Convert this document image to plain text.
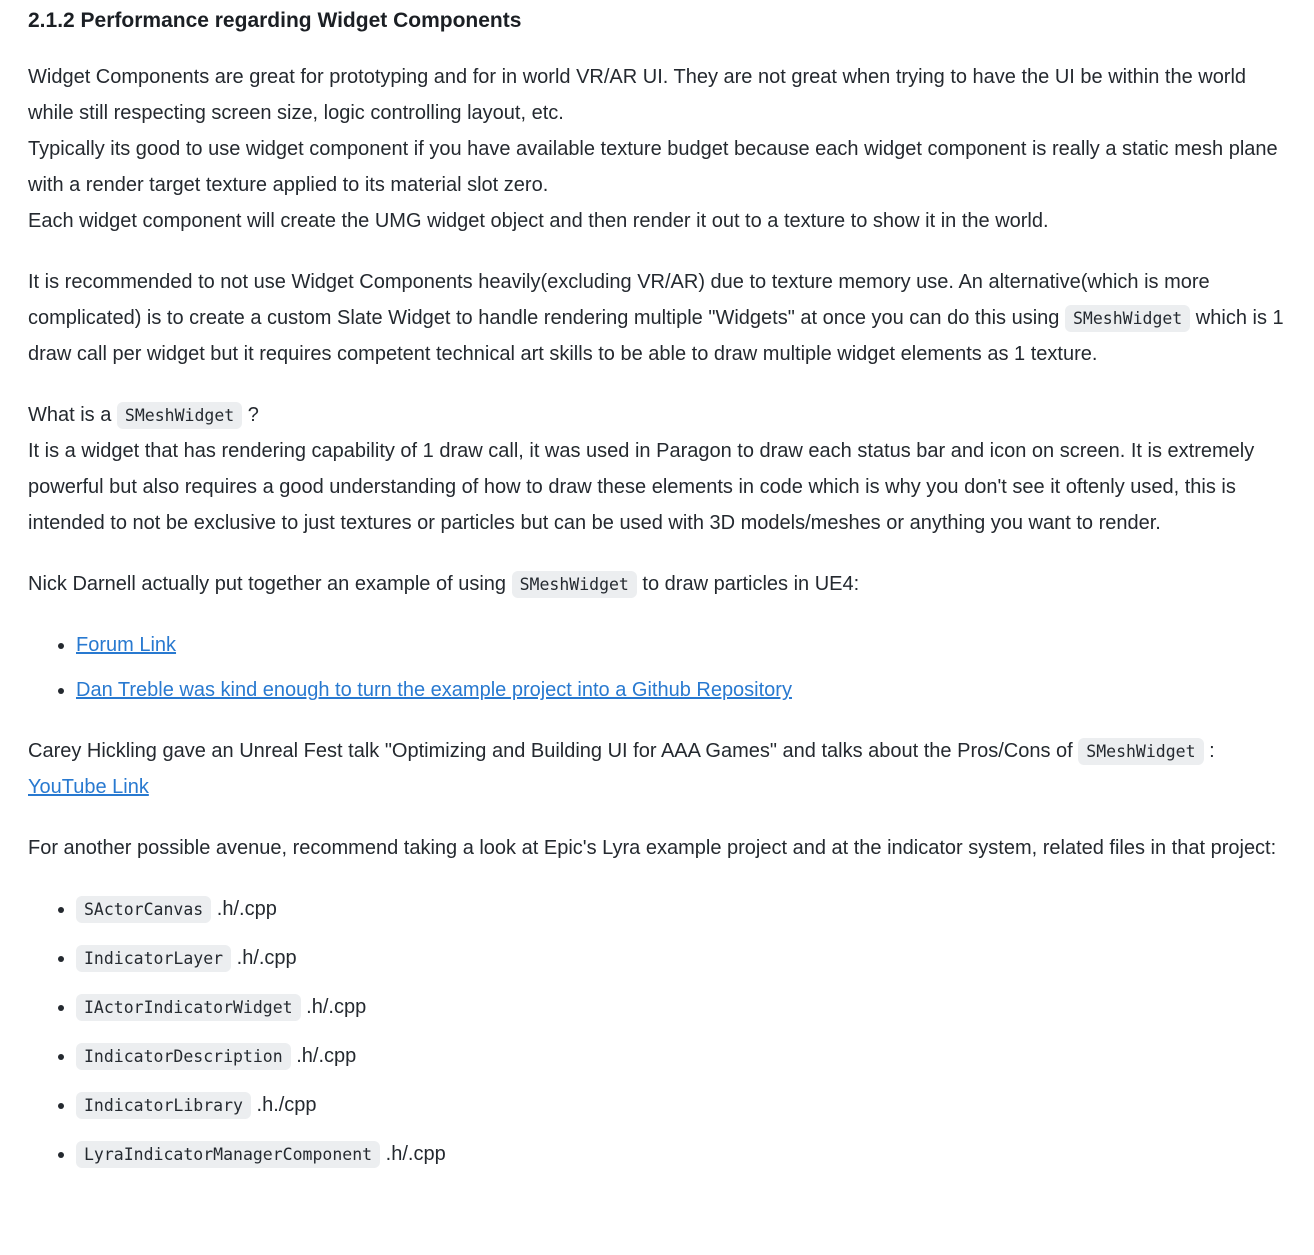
2.1.2 Performance regarding Widget Components

Widget Components are great for prototyping and for in world VR/AR UI. They are not great when trying to have the UI be within the world while still respecting screen size, logic controlling layout, etc.
Typically its good to use widget component if you have available texture budget because each widget component is really a static mesh plane with a render target texture applied to its material slot zero.
Each widget component will create the UMG widget object and then render it out to a texture to show it in the world.

It is recommended to not use Widget Components heavily(excluding VR/AR) due to texture memory use. An alternative(which is more complicated) is to create a custom Slate Widget to handle rendering multiple "Widgets" at once you can do this using SMeshWidget which is 1 draw call per widget but it requires competent technical art skills to be able to draw multiple widget elements as 1 texture.

What is a SMeshWidget ?
It is a widget that has rendering capability of 1 draw call, it was used in Paragon to draw each status bar and icon on screen. It is extremely powerful but also requires a good understanding of how to draw these elements in code which is why you don't see it oftenly used, this is intended to not be exclusive to just textures or particles but can be used with 3D models/meshes or anything you want to render.

Nick Darnell actually put together an example of using SMeshWidget to draw particles in UE4:

• Forum Link
• Dan Treble was kind enough to turn the example project into a Github Repository

Carey Hickling gave an Unreal Fest talk "Optimizing and Building UI for AAA Games" and talks about the Pros/Cons of SMeshWidget : YouTube Link

For another possible avenue, recommend taking a look at Epic's Lyra example project and at the indicator system, related files in that project:

• SActorCanvas .h/.cpp
• IndicatorLayer .h/.cpp
• IActorIndicatorWidget .h/.cpp
• IndicatorDescription .h/.cpp
• IndicatorLibrary .h./cpp
• LyraIndicatorManagerComponent .h/.cpp
